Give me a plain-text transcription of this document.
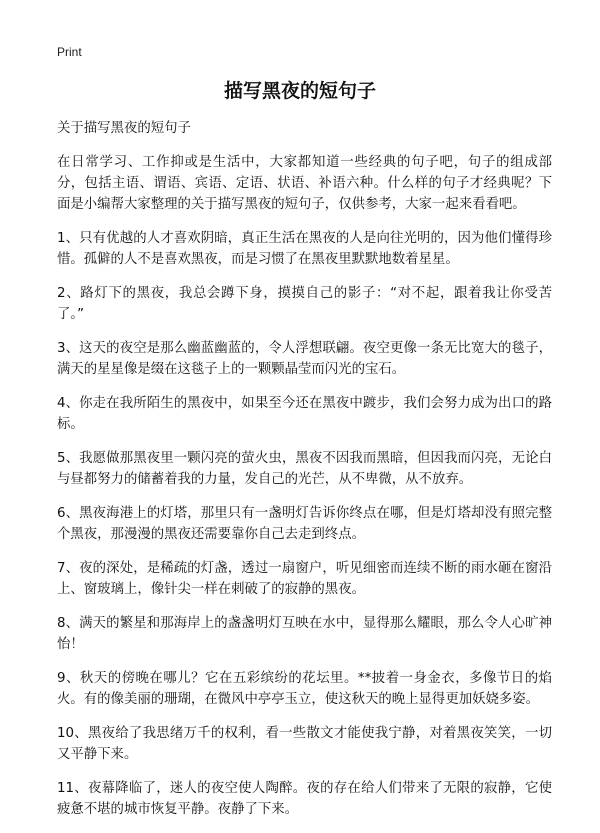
Print
描写黑夜的短句子

关于描写黑夜的短句子

在日常学习、工作抑或是生活中，大家都知道一些经典的句子吧，句子的组成部分，包括主语、谓语、宾语、定语、状语、补语六种。什么样的句子才经典呢？下面是小编帮大家整理的关于描写黑夜的短句子，仅供参考，大家一起来看看吧。

1、只有优越的人才喜欢阴暗，真正生活在黑夜的人是向往光明的，因为他们懂得珍惜。孤僻的人不是喜欢黑夜，而是习惯了在黑夜里默默地数着星星。

2、路灯下的黑夜，我总会蹲下身，摸摸自己的影子：“对不起，跟着我让你受苦了。”

3、这天的夜空是那么幽蓝幽蓝的，令人浮想联翩。夜空更像一条无比宽大的毯子，满天的星星像是缀在这毯子上的一颗颗晶莹而闪光的宝石。

4、你走在我所陌生的黑夜中，如果至今还在黑夜中踱步，我们会努力成为出口的路标。

5、我愿做那黑夜里一颗闪亮的萤火虫，黑夜不因我而黑暗，但因我而闪亮，无论白与昼都努力的储蓄着我的力量，发自己的光芒，从不卑微，从不放弃。

6、黑夜海港上的灯塔，那里只有一盏明灯告诉你终点在哪，但是灯塔却没有照完整个黑夜，那漫漫的黑夜还需要靠你自己去走到终点。

7、夜的深处，是稀疏的灯盏，透过一扇窗户，听见细密而连续不断的雨水砸在窗沿上、窗玻璃上，像针尖一样在刺破了的寂静的黑夜。

8、满天的繁星和那海岸上的盏盏明灯互映在水中，显得那么耀眼，那么令人心旷神怡！

9、秋天的傍晚在哪儿？它在五彩缤纷的花坛里。**披着一身金衣，多像节日的焰火。有的像美丽的珊瑚，在微风中亭亭玉立，使这秋天的晚上显得更加妖娆多姿。

10、黑夜给了我思绪万千的权利，看一些散文才能使我宁静，对着黑夜笑笑，一切又平静下来。

11、夜幕降临了，迷人的夜空使人陶醉。夜的存在给人们带来了无限的寂静，它使疲惫不堪的城市恢复平静。夜静了下来。
